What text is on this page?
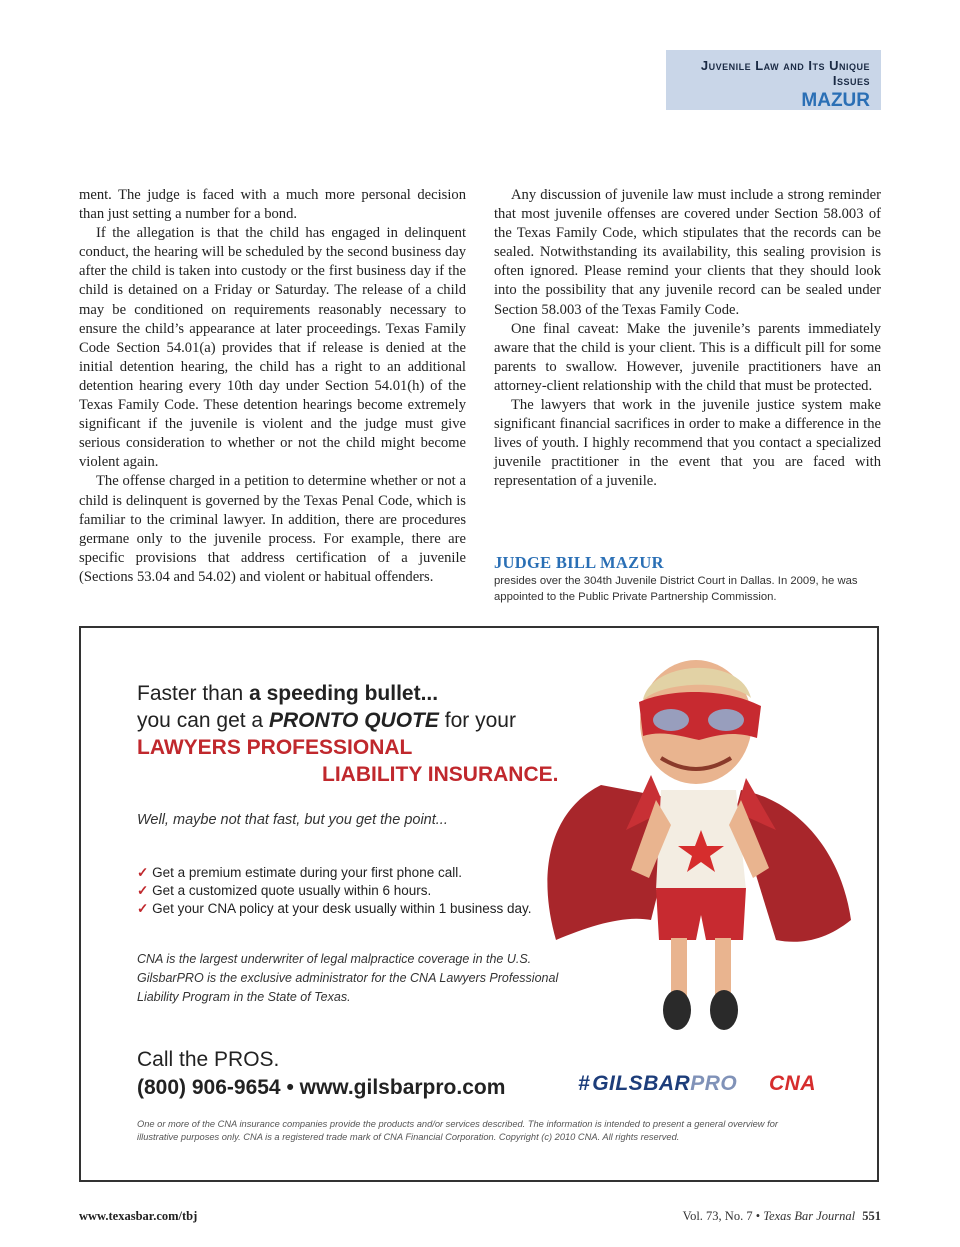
Juvenile Law and Its Unique Issues
MAZUR

ment. The judge is faced with a much more personal decision than just setting a number for a bond.

If the allegation is that the child has engaged in delinquent conduct, the hearing will be scheduled by the second business day after the child is taken into custody or the first business day if the child is detained on a Friday or Saturday. The release of a child may be conditioned on requirements reasonably necessary to ensure the child’s appearance at later proceedings. Texas Family Code Section 54.01(a) provides that if release is denied at the initial detention hearing, the child has a right to an additional detention hearing every 10th day under Section 54.01(h) of the Texas Family Code. These detention hearings become extremely significant if the juvenile is violent and the judge must give serious consideration to whether or not the child might become violent again.

The offense charged in a petition to determine whether or not a child is delinquent is governed by the Texas Penal Code, which is familiar to the criminal lawyer. In addition, there are procedures germane only to the juvenile process. For example, there are specific provisions that address certification of a juvenile (Sections 53.04 and 54.02) and violent or habitual offenders.

Any discussion of juvenile law must include a strong reminder that most juvenile offenses are covered under Section 58.003 of the Texas Family Code, which stipulates that the records can be sealed. Notwithstanding its availability, this sealing provision is often ignored. Please remind your clients that they should look into the possibility that any juvenile record can be sealed under Section 58.003 of the Texas Family Code.

One final caveat: Make the juvenile’s parents immediately aware that the child is your client. This is a difficult pill for some parents to swallow. However, juvenile practitioners have an attorney-client relationship with the child that must be protected.

The lawyers that work in the juvenile justice system make significant financial sacrifices in order to make a difference in the lives of youth. I highly recommend that you contact a specialized juvenile practitioner in the event that you are faced with representation of a juvenile.

JUDGE BILL MAZUR
presides over the 304th Juvenile District Court in Dallas. In 2009, he was appointed to the Public Private Partnership Commission.
Faster than a speeding bullet...
you can get a PRONTO QUOTE for your
LAWYERS PROFESSIONAL
LIABILITY INSURANCE.
Well, maybe not that fast, but you get the point...
✓ Get a premium estimate during your first phone call.
✓ Get a customized quote usually within 6 hours.
✓ Get your CNA policy at your desk usually within 1 business day.
CNA is the largest underwriter of legal malpractice coverage in the U.S.
GilsbarPRO is the exclusive administrator for the CNA Lawyers Professional Liability Program in the State of Texas.
Call the PROS.
(800) 906-9654 • www.gilsbarpro.com	#GILSBARPRO CNA
One or more of the CNA insurance companies provide the products and/or services described. The information is intended to present a general overview for illustrative purposes only. CNA is a registered trade mark of CNA Financial Corporation. Copyright (c) 2010 CNA. All rights reserved.
www.texasbar.com/tbj	Vol. 73, No. 7 • Texas Bar Journal 551
